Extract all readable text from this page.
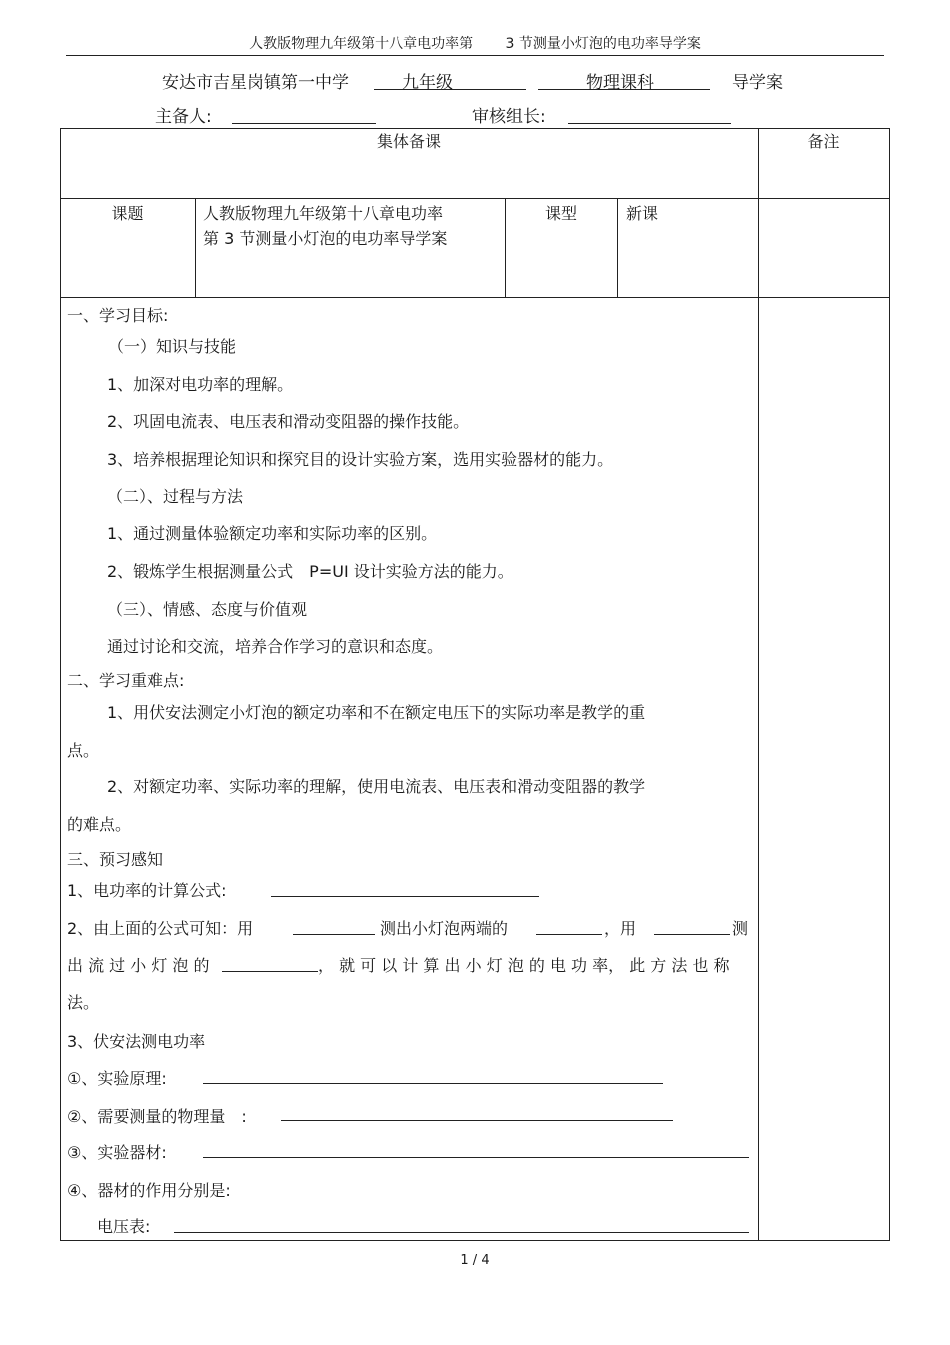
人教版物理九年级第十八章电功率第　　 3 节测量小灯泡的电功率导学案
安达市吉星岗镇第一中学	九年级	物理课科	导学案
主备人:	审核组长:
集体备课	备注
课题	人教版物理九年级第十八章电功率
第 3 节测量小灯泡的电功率导学案
课型	新课
一、学习目标:
（一）知识与技能
1、加深对电功率的理解。
2、巩固电流表、电压表和滑动变阻器的操作技能。
3、培养根据理论知识和探究目的设计实验方案，选用实验器材的能力。
（二）、过程与方法
1、通过测量体验额定功率和实际功率的区别。
2、锻炼学生根据测量公式　P=UI 设计实验方法的能力。
（三）、情感、态度与价值观
通过讨论和交流，培养合作学习的意识和态度。
二、学习重难点:
1、用伏安法测定小灯泡的额定功率和不在额定电压下的实际功率是教学的重
点。
2、对额定功率、实际功率的理解，使用电流表、电压表和滑动变阻器的教学
的难点。
三、预习感知
1、电功率的计算公式:
2、由上面的公式可知：用	测出小灯泡两端的	，用	测
出 流 过 小 灯 泡 的	， 就 可 以 计 算 出 小 灯 泡 的 电 功 率， 此 方 法 也 称
法。
3、伏安法测电功率
①、实验原理:
②、需要测量的物理量　:
③、实验器材:
④、器材的作用分别是:
电压表:
1 / 4
